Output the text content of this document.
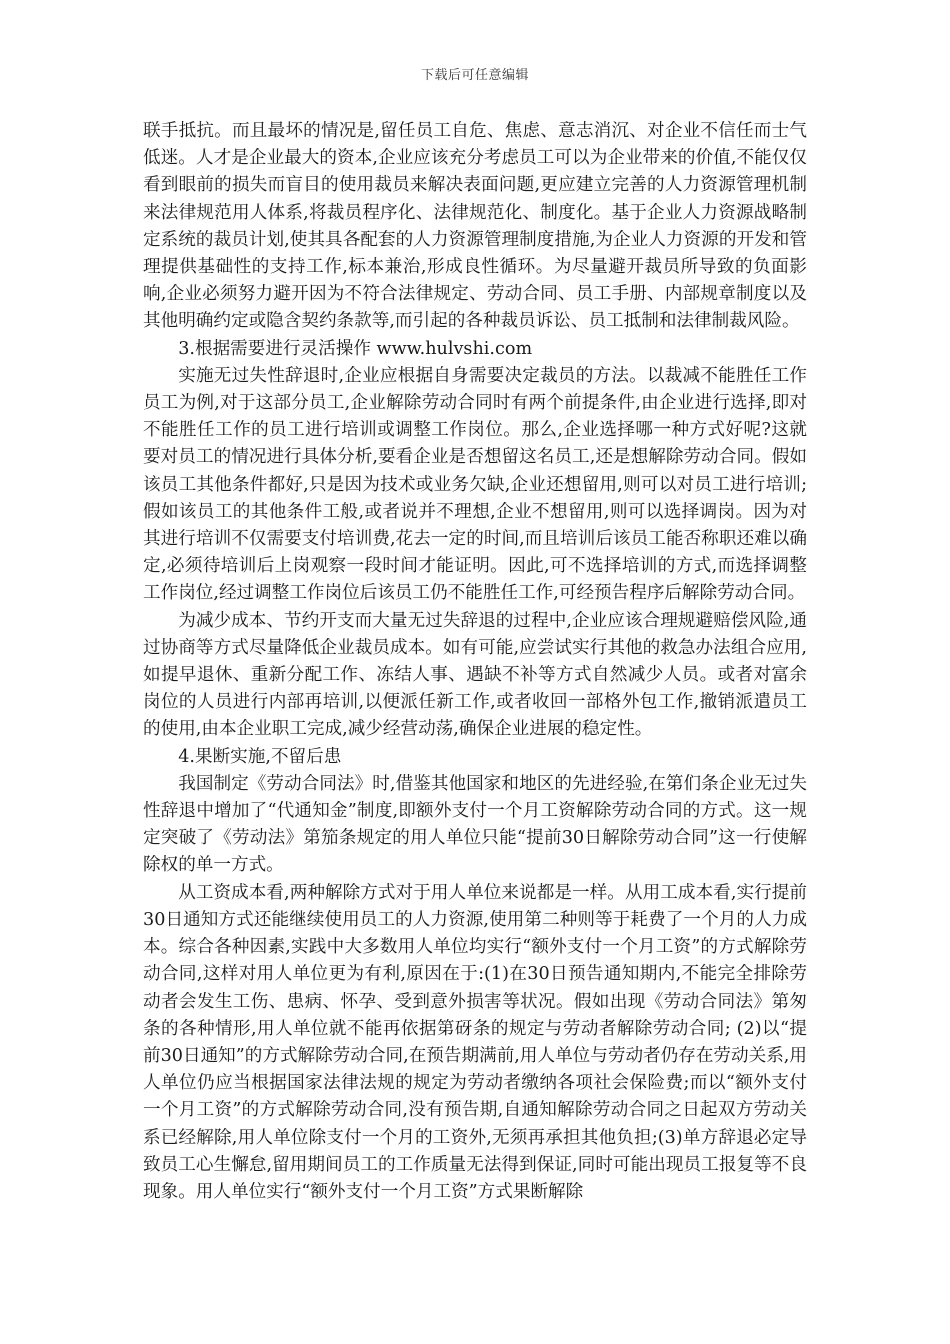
下载后可任意编辑

联手抵抗。而且最坏的情况是,留任员工自危、焦虑、意志消沉、对企业不信任而士气低迷。人才是企业最大的资本,企业应该充分考虑员工可以为企业带来的价值,不能仅仅看到眼前的损失而盲目的使用裁员来解决表面问题,更应建立完善的人力资源管理机制来法律规范用人体系,将裁员程序化、法律规范化、制度化。基于企业人力资源战略制定系统的裁员计划,使其具各配套的人力资源管理制度措施,为企业人力资源的开发和管理提供基础性的支持工作,标本兼治,形成良性循环。为尽量避开裁员所导致的负面影响,企业必须努力避开因为不符合法律规定、劳动合同、员工手册、内部规章制度以及其他明确约定或隐含契约条款等,而引起的各种裁员诉讼、员工抵制和法律制裁风险。

3.根据需要进行灵活操作 www.hulvshi.com

实施无过失性辞退时,企业应根据自身需要决定裁员的方法。以裁减不能胜任工作员工为例,对于这部分员工,企业解除劳动合同时有两个前提条件,由企业进行选择,即对不能胜任工作的员工进行培训或调整工作岗位。那么,企业选择哪一种方式好呢?这就要对员工的情况进行具体分析,要看企业是否想留这名员工,还是想解除劳动合同。假如该员工其他条件都好,只是因为技术或业务欠缺,企业还想留用,则可以对员工进行培训;假如该员工的其他条件工般,或者说并不理想,企业不想留用,则可以选择调岗。因为对其进行培训不仅需要支付培训费,花去一定的时间,而且培训后该员工能否称职还难以确定,必须待培训后上岗观察一段时间才能证明。因此,可不选择培训的方式,而选择调整工作岗位,经过调整工作岗位后该员工仍不能胜任工作,可经预告程序后解除劳动合同。

为减少成本、节约开支而大量无过失辞退的过程中,企业应该合理规避赔偿风险,通过协商等方式尽量降低企业裁员成本。如有可能,应尝试实行其他的救急办法组合应用,如提早退休、重新分配工作、冻结人事、遇缺不补等方式自然减少人员。或者对富余岗位的人员进行内部再培训,以便派任新工作,或者收回一部格外包工作,撤销派遣员工的使用,由本企业职工完成,减少经营动荡,确保企业进展的稳定性。

4.果断实施,不留后患

我国制定《劳动合同法》时,借鉴其他国家和地区的先进经验,在第们条企业无过失性辞退中增加了“代通知金”制度,即额外支付一个月工资解除劳动合同的方式。这一规定突破了《劳动法》第笳条规定的用人单位只能“提前30日解除劳动合同”这一行使解除权的单一方式。

从工资成本看,两种解除方式对于用人单位来说都是一样。从用工成本看,实行提前30日通知方式还能继续使用员工的人力资源,使用第二种则等于耗费了一个月的人力成本。综合各种因素,实践中大多数用人单位均实行“额外支付一个月工资”的方式解除劳动合同,这样对用人单位更为有利,原因在于:(1)在30日预告通知期内,不能完全排除劳动者会发生工伤、患病、怀孕、受到意外损害等状况。假如出现《劳动合同法》第匆条的各种情形,用人单位就不能再依据第砑条的规定与劳动者解除劳动合同; (2)以“提前30日通知”的方式解除劳动合同,在预告期满前,用人单位与劳动者仍存在劳动关系,用人单位仍应当根据国家法律法规的规定为劳动者缴纳各项社会保险费;而以“额外支付一个月工资”的方式解除劳动合同,没有预告期,自通知解除劳动合同之日起双方劳动关系已经解除,用人单位除支付一个月的工资外,无须再承担其他负担;(3)单方辞退必定导致员工心生懈怠,留用期间员工的工作质量无法得到保证,同时可能出现员工报复等不良现象。用人单位实行“额外支付一个月工资”方式果断解除
